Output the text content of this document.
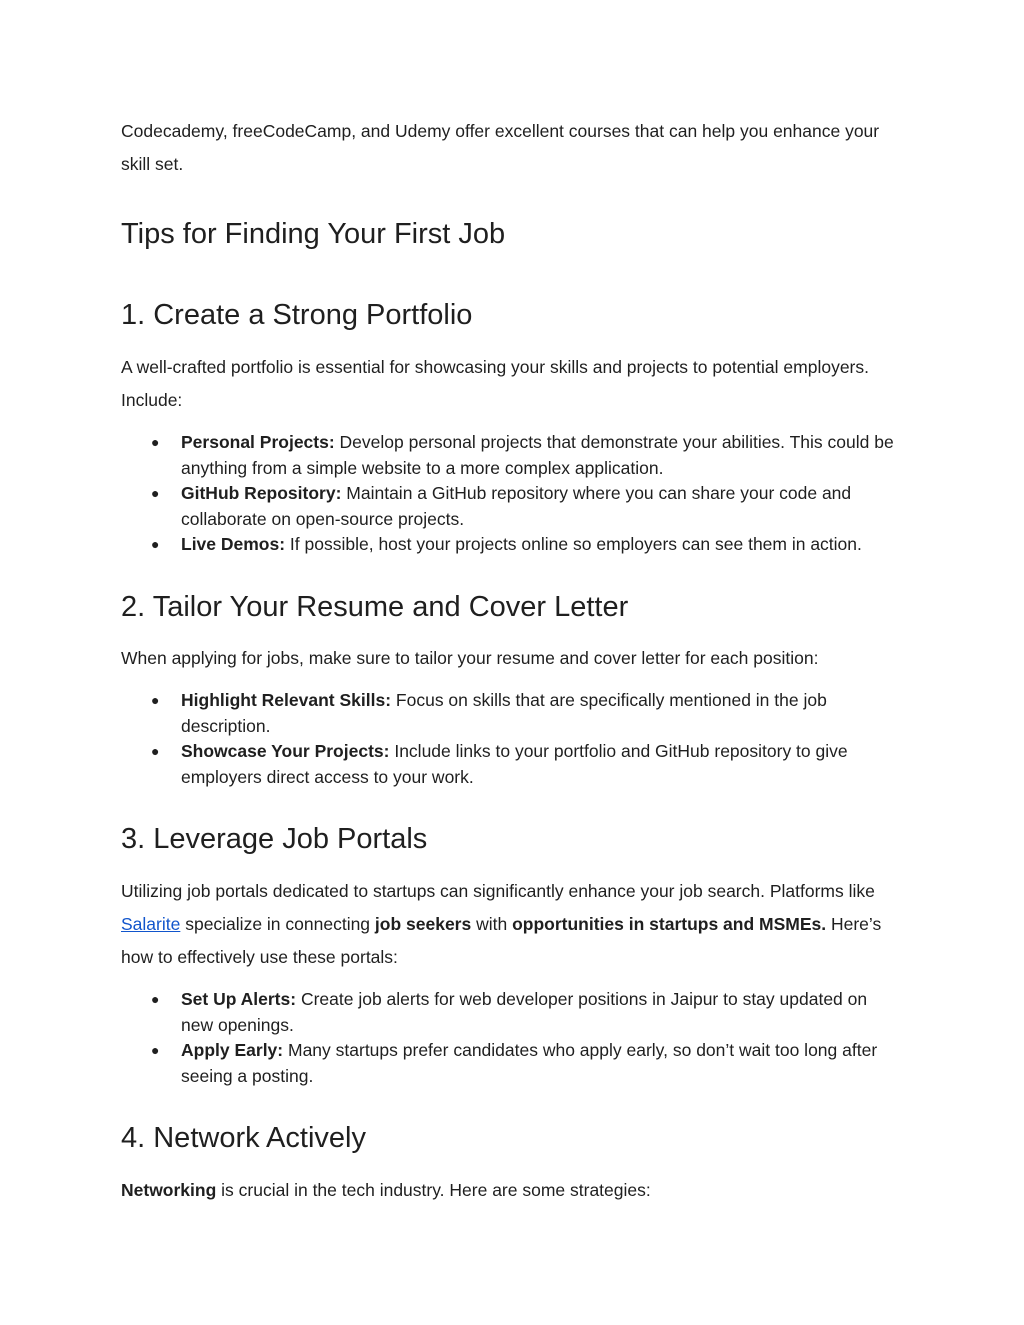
Codecademy, freeCodeCamp, and Udemy offer excellent courses that can help you enhance your skill set.

Tips for Finding Your First Job
1. Create a Strong Portfolio

A well-crafted portfolio is essential for showcasing your skills and projects to potential employers. Include:

● Personal Projects: Develop personal projects that demonstrate your abilities. This could be anything from a simple website to a more complex application.
● GitHub Repository: Maintain a GitHub repository where you can share your code and collaborate on open-source projects.
● Live Demos: If possible, host your projects online so employers can see them in action.
2. Tailor Your Resume and Cover Letter

When applying for jobs, make sure to tailor your resume and cover letter for each position:

● Highlight Relevant Skills: Focus on skills that are specifically mentioned in the job description.
● Showcase Your Projects: Include links to your portfolio and GitHub repository to give employers direct access to your work.
3. Leverage Job Portals

Utilizing job portals dedicated to startups can significantly enhance your job search. Platforms like Salarite specialize in connecting job seekers with opportunities in startups and MSMEs. Here’s how to effectively use these portals:

● Set Up Alerts: Create job alerts for web developer positions in Jaipur to stay updated on new openings.
● Apply Early: Many startups prefer candidates who apply early, so don’t wait too long after seeing a posting.
4. Network Actively

Networking is crucial in the tech industry. Here are some strategies:
